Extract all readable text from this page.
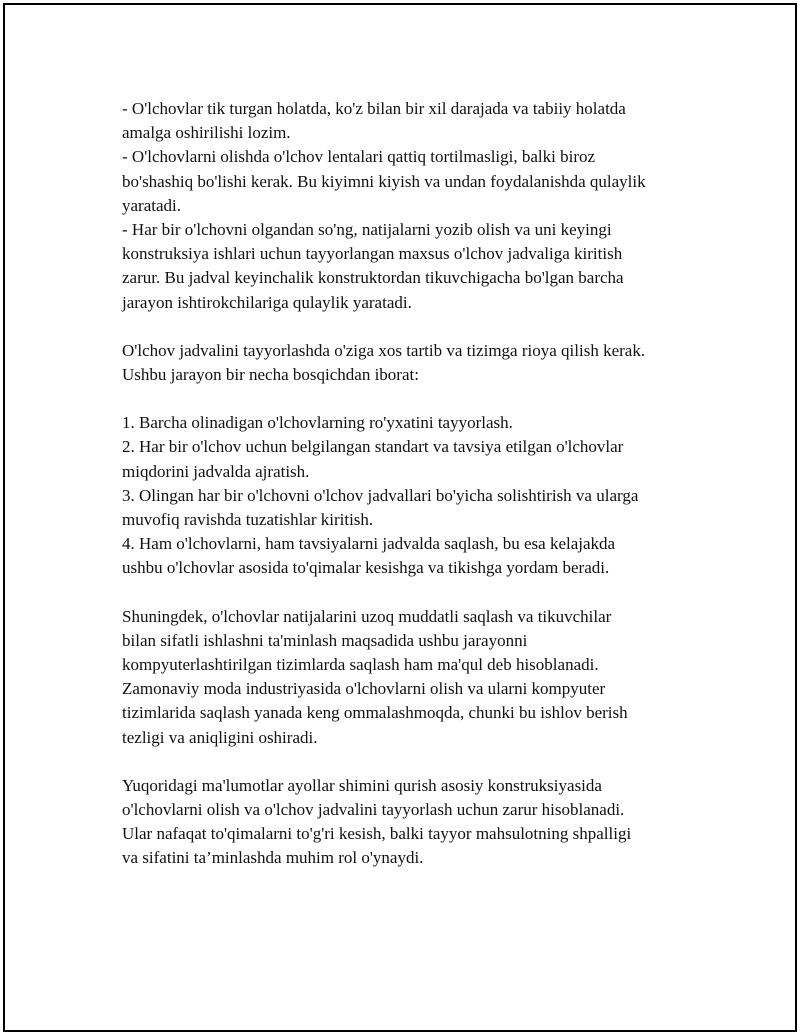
- O'lchovlar tik turgan holatda, ko'z bilan bir xil darajada va tabiiy holatda
amalga oshirilishi lozim.
- O'lchovlarni olishda o'lchov lentalari qattiq tortilmasligi, balki biroz
bo'shashiq bo'lishi kerak. Bu kiyimni kiyish va undan foydalanishda qulaylik
yaratadi.
- Har bir o'lchovni olgandan so'ng, natijalarni yozib olish va uni keyingi
konstruksiya ishlari uchun tayyorlangan maxsus o'lchov jadvaliga kiritish
zarur. Bu jadval keyinchalik konstruktordan tikuvchigacha bo'lgan barcha
jarayon ishtirokchilariga qulaylik yaratadi.

O'lchov jadvalini tayyorlashda o'ziga xos tartib va tizimga rioya qilish kerak.
Ushbu jarayon bir necha bosqichdan iborat:

1. Barcha olinadigan o'lchovlarning ro'yxatini tayyorlash.
2. Har bir o'lchov uchun belgilangan standart va tavsiya etilgan o'lchovlar
miqdorini jadvalda ajratish.
3. Olingan har bir o'lchovni o'lchov jadvallari bo'yicha solishtirish va ularga
muvofiq ravishda tuzatishlar kiritish.
4. Ham o'lchovlarni, ham tavsiyalarni jadvalda saqlash, bu esa kelajakda
ushbu o'lchovlar asosida to'qimalar kesishga va tikishga yordam beradi.

Shuningdek, o'lchovlar natijalarini uzoq muddatli saqlash va tikuvchilar
bilan sifatli ishlashni ta'minlash maqsadida ushbu jarayonni
kompyuterlashtirilgan tizimlarda saqlash ham ma'qul deb hisoblanadi.
Zamonaviy moda industriyasida o'lchovlarni olish va ularni kompyuter
tizimlarida saqlash yanada keng ommalashmoqda, chunki bu ishlov berish
tezligi va aniqligini oshiradi.

Yuqoridagi ma'lumotlar ayollar shimini qurish asosiy konstruksiyasida
o'lchovlarni olish va o'lchov jadvalini tayyorlash uchun zarur hisoblanadi.
Ular nafaqat to'qimalarni to'g'ri kesish, balki tayyor mahsulotning shpalligi
va sifatini ta’minlashda muhim rol o'ynaydi.
